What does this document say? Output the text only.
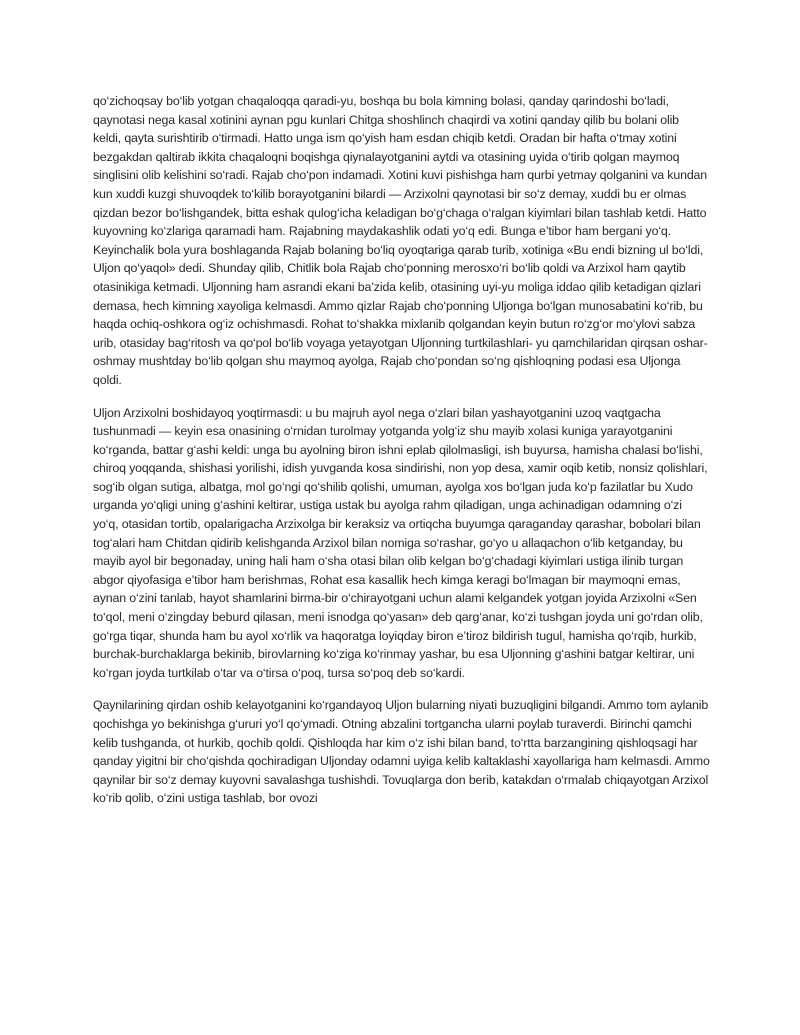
qo‘zichoqsay bo‘lib yotgan chaqaloqqa qaradi-yu, boshqa bu bola kimning bolasi, qanday qarindoshi bo‘ladi, qaynotasi nega kasal xotinini aynan pgu kunlari Chitga shoshlinch chaqirdi va xotini qanday qilib bu bolani olib keldi, qayta surishtirib o‘tirmadi. Hatto unga ism qo‘yish ham esdan chiqib ketdi. Oradan bir hafta o‘tmay xotini bezgakdan qaltirab ikkita chaqaloqni boqishga qiynalayotganini aytdi va otasining uyida o‘tirib qolgan maymoq singlisini olib kelishini so‘radi. Rajab cho‘pon indamadi. Xotini kuvi pishishga ham qurbi yetmay qolganini va kundan kun xuddi kuzgi shuvoqdek to‘kilib borayotganini bilardi — Arzixolni qaynotasi bir so‘z demay, xuddi bu er olmas qizdan bezor bo‘lishgandek, bitta eshak qulog‘icha keladigan bo‘g‘chaga o‘ralgan kiyimlari bilan tashlab ketdi. Hatto kuyovning ko‘zlariga qaramadi ham. Rajabning maydakashlik odati yo‘q edi. Bunga e’tibor ham bergani yo‘q. Keyinchalik bola yura boshlaganda Rajab bolaning bo‘liq oyoqtariga qarab turib, xotiniga «Bu endi bizning ul bo‘ldi, Uljon qo‘yaqol» dedi. Shunday qilib, Chitlik bola Rajab cho‘ponning merosxo‘ri bo‘lib qoldi va Arzixol ham qaytib otasinikiga ketmadi. Uljonning ham asrandi ekani ba’zida kelib, otasining uyi-yu moliga iddao qilib ketadigan qizlari demasa, hech kimning xayoliga kelmasdi. Ammo qizlar Rajab cho‘ponning Uljonga bo‘lgan munosabatini ko‘rib, bu haqda ochiq-oshkora og‘iz ochishmasdi. Rohat to‘shakka mixlanib qolgandan keyin butun ro‘zg‘or mo‘ylovi sabza urib, otasiday bag‘ritosh va qo‘pol bo‘lib voyaga yetayotgan Uljonning turtkilashlari- yu qamchilaridan qirqsan oshar-oshmay mushtday bo‘lib qolgan shu maymoq ayolga, Rajab cho‘pondan so‘ng qishloqning podasi esa Uljonga qoldi.

Uljon Arzixolni boshidayoq yoqtirmasdi: u bu majruh ayol nega o‘zlari bilan yashayotganini uzoq vaqtgacha tushunmadi — keyin esa onasining o‘rnidan turolmay yotganda yolg‘iz shu mayib xolasi kuniga yarayotganini ko‘rganda, battar g‘ashi keldi: unga bu ayolning biron ishni eplab qilolmasligi, ish buyursa, hamisha chalasi bo‘lishi, chiroq yoqqanda, shishasi yorilishi, idish yuvganda kosa sindirishi, non yop desa, xamir oqib ketib, nonsiz qolishlari, sog‘ib olgan sutiga, albatga, mol go‘ngi qo‘shilib qolishi, umuman, ayolga xos bo‘lgan juda ko‘p fazilatlar bu Xudo urganda yo‘qligi uning g‘ashini keltirar, ustiga ustak bu ayolga rahm qiladigan, unga achinadigan odamning o‘zi yo‘q, otasidan tortib, opalarigacha Arzixolga bir keraksiz va ortiqcha buyumga qaraganday qarashar, bobolari bilan tog‘alari ham Chitdan qidirib kelishganda Arzixol bilan nomiga so‘rashar, go‘yo u allaqachon o‘lib ketganday, bu mayib ayol bir begonaday, uning hali ham o‘sha otasi bilan olib kelgan bo‘g‘chadagi kiyimlari ustiga ilinib turgan abgor qiyofasiga e’tibor ham berishmas, Rohat esa kasallik hech kimga keragi bo‘lmagan bir maymoqni emas, aynan o‘zini tanlab, hayot shamlarini birma-bir o‘chirayotgani uchun alami kelgandek yotgan joyida Arzixolni «Sen to‘qol, meni o‘zingday beburd qilasan, meni isnodga qo‘yasan» deb qarg‘anar, ko‘zi tushgan joyda uni go‘rdan olib, go‘rga tiqar, shunda ham bu ayol xo‘rlik va haqoratga loyiqday biron e’tiroz bildirish tugul, hamisha qo‘rqib, hurkib, burchak-burchaklarga bekinib, birovlarning ko‘ziga ko‘rinmay yashar, bu esa Uljonning g‘ashini batgar keltirar, uni ko‘rgan joyda turtkilab o‘tar va o‘tirsa o‘poq, tursa so‘poq deb so‘kardi.

Qaynilarining qirdan oshib kelayotganini ko‘rgandayoq Uljon bularning niyati buzuqligini bilgandi. Ammo tom aylanib qochishga yo bekinishga g‘ururi yo‘l qo‘ymadi. Otning abzalini tortgancha ularni poylab turaverdi. Birinchi qamchi kelib tushganda, ot hurkib, qochib qoldi. Qishloqda har kim o‘z ishi bilan band, to‘rtta barzangining qishloqsagi har qanday yigitni bir cho‘qishda qochiradigan Uljonday odamni uyiga kelib kaltaklashi xayollariga ham kelmasdi. Ammo qaynilar bir so‘z demay kuyovni savalashga tushishdi. TovuqIarga don berib, katakdan o‘rmalab chiqayotgan Arzixol ko‘rib qolib, o‘zini ustiga tashlab, bor ovozi
